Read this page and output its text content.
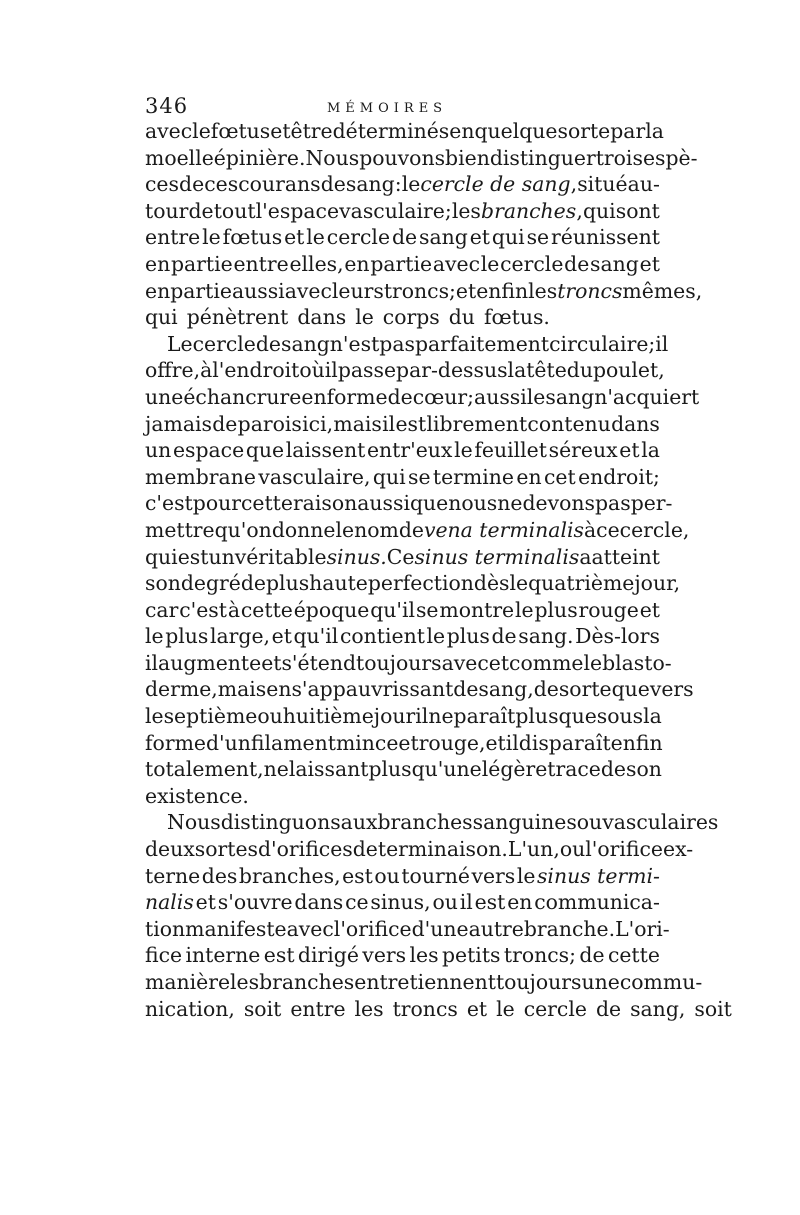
346	MÉMOIRES
avec le fœtus et être déterminés en quelque sorte par la
moelle épinière. Nous pouvons bien distinguer trois espè-
ces de ces courans de sang : le cercle de sang , situé au-
tour de tout l'espace vasculaire; les branches , qui sont
entre le fœtus et le cercle de sang et qui se réunissent
en partie entre elles, en partie avec le cercle de sang et
en partie aussi avec leurs troncs; et enfin les troncs mêmes,
qui pénètrent dans le corps du fœtus.
Le cercle de sang n'est pas parfaitement circulaire; il
offre, à l'endroit où il passe par-dessus la tête du poulet,
une échancrure en forme de cœur; aussi le sang n'acquiert
jamais de parois ici, mais il est librement contenu dans
un espace que laissent entr'eux le feuillet séreux et la
membrane vasculaire, qui se termine en cet endroit;
c'est pour cette raison aussi que nous ne devons pas per-
mettre qu'on donne le nom de vena terminalis à ce cercle,
qui est un véritable sinus. Ce sinus terminalis a atteint
son degré de plus haute perfection dès le quatrième jour,
car c'est à cette époque qu'il se montre le plus rouge et
le plus large, et qu'il contient le plus de sang. Dès-lors
il augmente et s'étend toujours avec et comme le blasto-
derme, mais en s'appauvrissant de sang, de sorte que vers
le septième ou huitième jour il ne paraît plus que sous la
forme d'un filament mince et rouge, et il disparaît enfin
totalement, ne laissant plus qu'une légère trace de son
existence.
Nous distinguons aux branches sanguines ou vasculaires
deux sortes d'orifices de terminaison. L'un, ou l'orifice ex-
terne des branches, est ou tourné vers le sinus termi-
nalis et s'ouvre dans ce sinus, ou il est en communica-
tion manifeste avec l'orifice d'une autre branche. L'ori-
fice interne est dirigé vers les petits troncs; de cette
manière les branches entretiennent toujours une commu-
nication, soit entre les troncs et le cercle de sang, soit
